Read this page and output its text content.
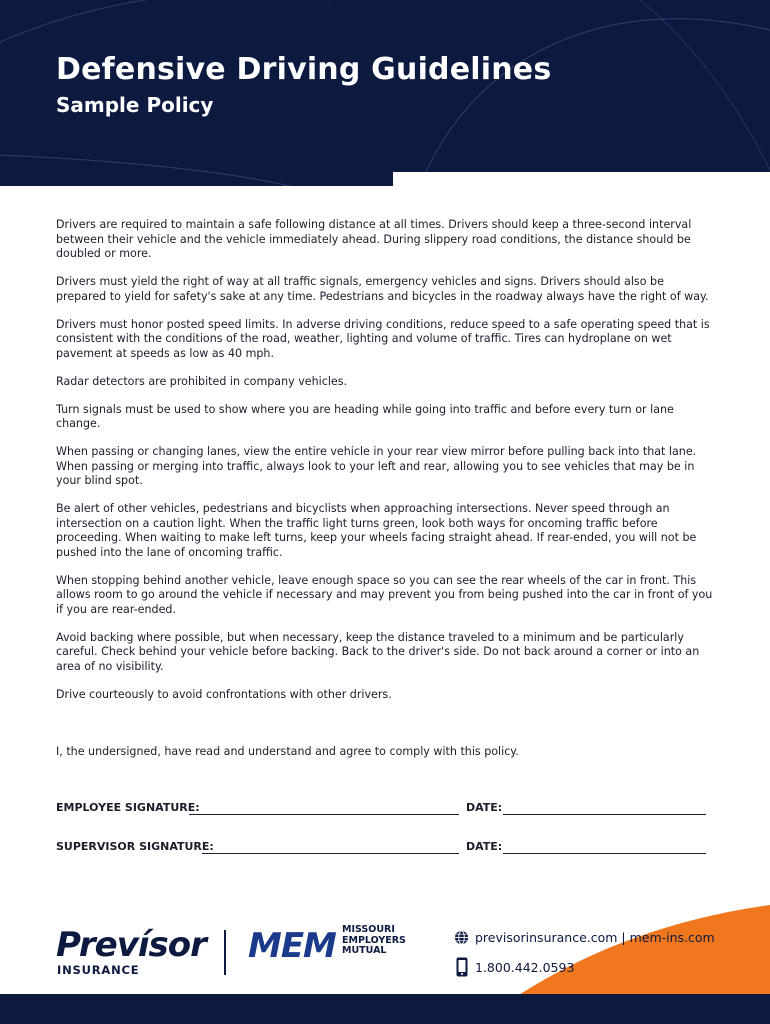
Defensive Driving Guidelines
Sample Policy

Drivers are required to maintain a safe following distance at all times. Drivers should keep a three-second interval between their vehicle and the vehicle immediately ahead. During slippery road conditions, the distance should be doubled or more.

Drivers must yield the right of way at all traffic signals, emergency vehicles and signs. Drivers should also be prepared to yield for safety's sake at any time. Pedestrians and bicycles in the roadway always have the right of way.

Drivers must honor posted speed limits. In adverse driving conditions, reduce speed to a safe operating speed that is consistent with the conditions of the road, weather, lighting and volume of traffic. Tires can hydroplane on wet pavement at speeds as low as 40 mph.

Radar detectors are prohibited in company vehicles.

Turn signals must be used to show where you are heading while going into traffic and before every turn or lane change.

When passing or changing lanes, view the entire vehicle in your rear view mirror before pulling back into that lane. When passing or merging into traffic, always look to your left and rear, allowing you to see vehicles that may be in your blind spot.

Be alert of other vehicles, pedestrians and bicyclists when approaching intersections. Never speed through an intersection on a caution light. When the traffic light turns green, look both ways for oncoming traffic before proceeding. When waiting to make left turns, keep your wheels facing straight ahead. If rear-ended, you will not be pushed into the lane of oncoming traffic.

When stopping behind another vehicle, leave enough space so you can see the rear wheels of the car in front. This allows room to go around the vehicle if necessary and may prevent you from being pushed into the car in front of you if you are rear-ended.

Avoid backing where possible, but when necessary, keep the distance traveled to a minimum and be particularly careful. Check behind your vehicle before backing. Back to the driver's side. Do not back around a corner or into an area of no visibility.

Drive courteously to avoid confrontations with other drivers.

I, the undersigned, have read and understand and agree to comply with this policy.

EMPLOYEE SIGNATURE:	DATE:
SUPERVISOR SIGNATURE:	DATE:
Prevísor
INSURANCE
MEM MISSOURI
EMPLOYERS
MUTUAL
previsorinsurance.com | mem-ins.com
1.800.442.0593
